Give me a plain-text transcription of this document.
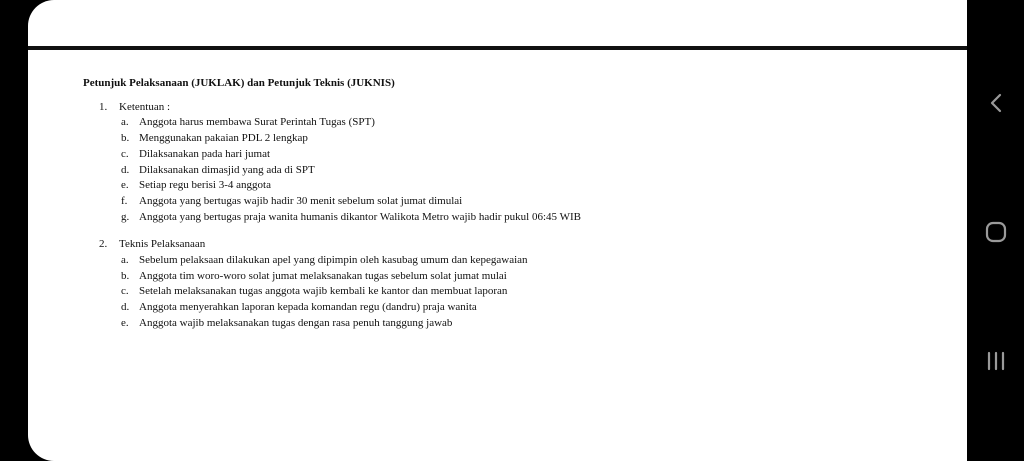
Petunjuk Pelaksanaan (JUKLAK) dan Petunjuk Teknis (JUKNIS)
1.	Ketentuan :
a. Anggota harus membawa Surat Perintah Tugas (SPT)
b. Menggunakan pakaian PDL 2 lengkap
c. Dilaksanakan pada hari jumat
d. Dilaksanakan dimasjid yang ada di SPT
e. Setiap regu berisi 3-4 anggota
f.	Anggota yang bertugas wajib hadir 30 menit sebelum solat jumat dimulai
g. Anggota yang bertugas praja wanita humanis dikantor Walikota Metro wajib hadir pukul 06:45 WIB
2.	Teknis Pelaksanaan
a. Sebelum pelaksaan dilakukan apel yang dipimpin oleh kasubag umum dan kepegawaian
b. Anggota tim woro-woro solat jumat melaksanakan tugas sebelum solat jumat mulai
c. Setelah melaksanakan tugas anggota wajib kembali ke kantor dan membuat laporan
d. Anggota menyerahkan laporan kepada komandan regu (dandru) praja wanita
e. Anggota wajib melaksanakan tugas dengan rasa penuh tanggung jawab
